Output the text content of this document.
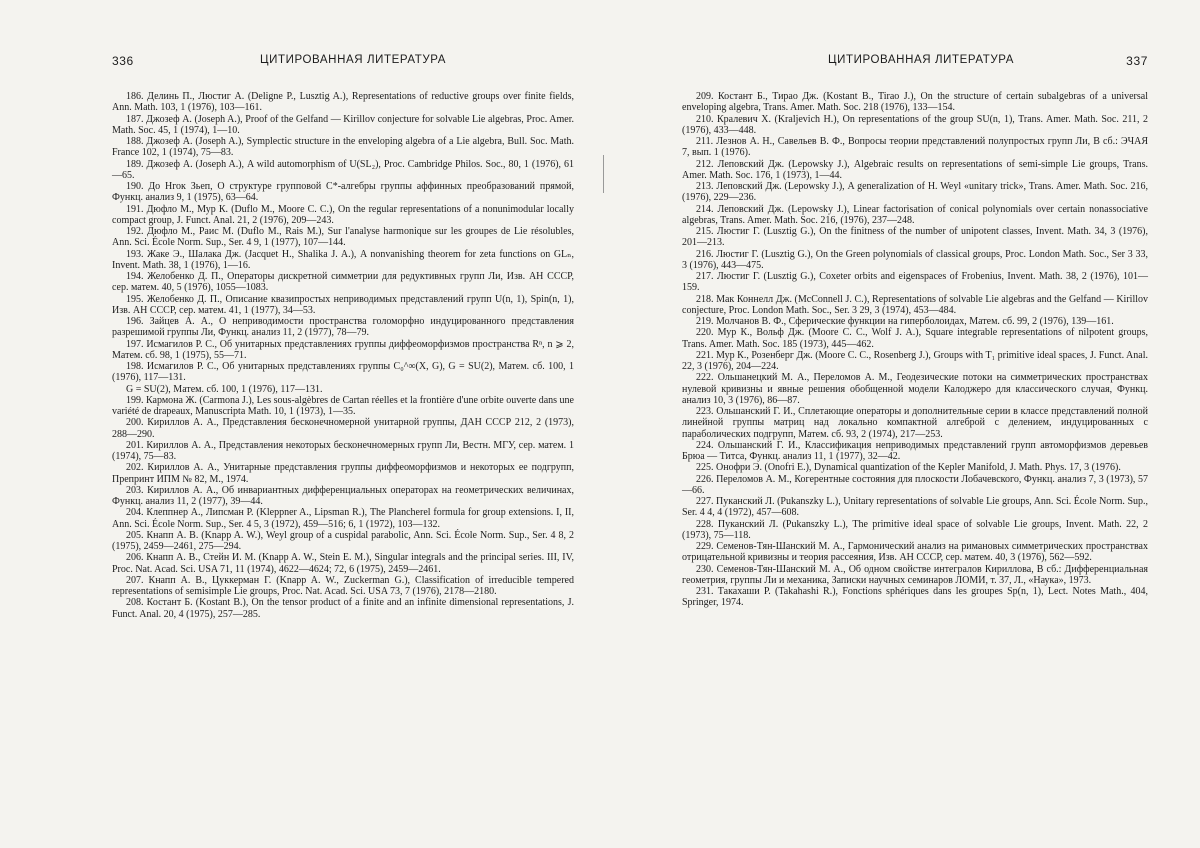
336	ЦИТИРОВАННАЯ ЛИТЕРАТУРА

186. Делинь П., Люстиг А. (Deligne P., Lusztig A.), Representations of reductive groups over finite fields, Ann. Math. 103, 1 (1976), 103—161.

187. Джозеф А. (Joseph A.), Proof of the Gelfand — Kirillov conjecture for solvable Lie algebras, Proc. Amer. Math. Soc. 45, 1 (1974), 1—10.

188. Джозеф А. (Joseph A.), Symplectic structure in the enveloping algebra of a Lie algebra, Bull. Soc. Math. France 102, 1 (1974), 75—83.

189. Джозеф А. (Joseph A.), A wild automorphism of U(SL₂), Proc. Cambridge Philos. Soc., 80, 1 (1976), 61—65.

190. До Нгок Зьеп, О структуре групповой C*-алгебры группы аффинных преобразований прямой, Функц. анализ 9, 1 (1975), 63—64.

191. Дюфло М., Мур К. (Duflo M., Moore C. C.), On the regular representations of a nonunimodular locally compact group, J. Funct. Anal. 21, 2 (1976), 209—243.

192. Дюфло М., Раис М. (Duflo M., Rais M.), Sur l'analyse harmonique sur les groupes de Lie résolubles, Ann. Sci. École Norm. Sup., Ser. 4 9, 1 (1977), 107—144.

193. Жаке Э., Шалака Дж. (Jacquet H., Shalika J. A.), A nonvanishing theorem for zeta functions on GLₙ, Invent. Math. 38, 1 (1976), 1—16.

194. Желобенко Д. П., Операторы дискретной симметрии для редуктивных групп Ли, Изв. АН СССР, сер. матем. 40, 5 (1976), 1055—1083.

195. Желобенко Д. П., Описание квазипростых неприводимых представлений групп U(n, 1), Spin(n, 1), Изв. АН СССР, сер. матем. 41, 1 (1977), 34—53.

196. Зайцев А. А., О неприводимости пространства голоморфно индуцированного представления разрешимой группы Ли, Функц. анализ 11, 2 (1977), 78—79.

197. Исмагилов Р. С., Об унитарных представлениях группы диффеоморфизмов пространства Rⁿ, n ⩾ 2, Матем. сб. 98, 1 (1975), 55—71.

198. Исмагилов Р. С., Об унитарных представлениях группы C₀^∞(X, G), G = SU(2), Матем. сб. 100, 1 (1976), 117—131.

G = SU(2), Матем. сб. 100, 1 (1976), 117—131.

199. Кармона Ж. (Carmona J.), Les sous-algèbres de Cartan réelles et la frontière d'une orbite ouverte dans une variété de drapeaux, Manuscripta Math. 10, 1 (1973), 1—35.

200. Кириллов А. А., Представления бесконечномерной унитарной группы, ДАН СССР 212, 2 (1973), 288—290.

201. Кириллов А. А., Представления некоторых бесконечномерных групп Ли, Вестн. МГУ, сер. матем. 1 (1974), 75—83.

202. Кириллов А. А., Унитарные представления группы диффеоморфизмов и некоторых ее подгрупп, Препринт ИПМ № 82, М., 1974.

203. Кириллов А. А., Об инвариантных дифференциальных операторах на геометрических величинах, Функц. анализ 11, 2 (1977), 39—44.

204. Клеппнер А., Липсман Р. (Kleppner A., Lipsman R.), The Plancherel formula for group extensions. I, II, Ann. Sci. École Norm. Sup., Ser. 4 5, 3 (1972), 459—516; 6, 1 (1972), 103—132.

205. Кнапп А. В. (Knapp A. W.), Weyl group of a cuspidal parabolic, Ann. Sci. École Norm. Sup., Ser. 4 8, 2 (1975), 2459—2461, 275—294.

206. Кнапп А. В., Стейн И. М. (Knapp A. W., Stein E. M.), Singular integrals and the principal series. III, IV, Proc. Nat. Acad. Sci. USA 71, 11 (1974), 4622—4624; 72, 6 (1975), 2459—2461.

207. Кнапп А. В., Цуккерман Г. (Knapp A. W., Zuckerman G.), Classification of irreducible tempered representations of semisimple Lie groups, Proc. Nat. Acad. Sci. USA 73, 7 (1976), 2178—2180.

208. Костант Б. (Kostant B.), On the tensor product of a finite and an infinite dimensional representations, J. Funct. Anal. 20, 4 (1975), 257—285.

ЦИТИРОВАННАЯ ЛИТЕРАТУРА	337

209. Костант Б., Тирао Дж. (Kostant B., Tirao J.), On the structure of certain subalgebras of a universal enveloping algebra, Trans. Amer. Math. Soc. 218 (1976), 133—154.

210. Кралевич Х. (Kraljevich H.), On representations of the group SU(n, 1), Trans. Amer. Math. Soc. 211, 2 (1976), 433—448.

211. Лезнов А. Н., Савельев В. Ф., Вопросы теории представлений полупростых групп Ли, В сб.: ЭЧАЯ 7, вып. 1 (1976).

212. Леповский Дж. (Lepowsky J.), Algebraic results on representations of semi-simple Lie groups, Trans. Amer. Math. Soc. 176, 1 (1973), 1—44.

213. Леповский Дж. (Lepowsky J.), A generalization of H. Weyl «unitary trick», Trans. Amer. Math. Soc. 216, (1976), 229—236.

214. Леповский Дж. (Lepowsky J.), Linear factorisation of conical polynomials over certain nonassociative algebras, Trans. Amer. Math. Soc. 216, (1976), 237—248.

215. Люстиг Г. (Lusztig G.), On the finitness of the number of unipotent classes, Invent. Math. 34, 3 (1976), 201—213.

216. Люстиг Г. (Lusztig G.), On the Green polynomials of classical groups, Proc. London Math. Soc., Ser 3 33, 3 (1976), 443—475.

217. Люстиг Г. (Lusztig G.), Coxeter orbits and eigenspaces of Frobenius, Invent. Math. 38, 2 (1976), 101—159.

218. Мак Коннелл Дж. (McConnell J. C.), Representations of solvable Lie algebras and the Gelfand — Kirillov conjecture, Proc. London Math. Soc., Ser. 3 29, 3 (1974), 453—484.

219. Молчанов В. Ф., Сферические функции на гиперболоидах, Матем. сб. 99, 2 (1976), 139—161.

220. Мур К., Вольф Дж. (Moore C. C., Wolf J. A.), Square integrable representations of nilpotent groups, Trans. Amer. Math. Soc. 185 (1973), 445—462.

221. Мур К., Розенберг Дж. (Moore C. C., Rosenberg J.), Groups with T₁ primitive ideal spaces, J. Funct. Anal. 22, 3 (1976), 204—224.

222. Ольшанецкий М. А., Переломов А. М., Геодезические потоки на симметрических пространствах нулевой кривизны и явные решения обобщенной модели Калоджеро для классического случая, Функц. анализ 10, 3 (1976), 86—87.

223. Ольшанский Г. И., Сплетающие операторы и дополнительные серии в классе представлений полной линейной группы матриц над локально компактной алгеброй с делением, индуцированных с параболических подгрупп, Матем. сб. 93, 2 (1974), 217—253.

224. Ольшанский Г. И., Классификация неприводимых представлений групп автоморфизмов деревьев Брюа — Титса, Функц. анализ 11, 1 (1977), 32—42.

225. Онофри Э. (Onofri E.), Dynamical quantization of the Kepler Manifold, J. Math. Phys. 17, 3 (1976).

226. Переломов А. М., Когерентные состояния для плоскости Лобачевского, Функц. анализ 7, 3 (1973), 57—66.

227. Пуканский Л. (Pukanszky L.), Unitary representations of solvable Lie groups, Ann. Sci. École Norm. Sup., Ser. 4 4, 4 (1972), 457—608.

228. Пуканский Л. (Pukanszky L.), The primitive ideal space of solvable Lie groups, Invent. Math. 22, 2 (1973), 75—118.

229. Семенов-Тян-Шанский М. А., Гармонический анализ на римановых симметрических пространствах отрицательной кривизны и теория рассеяния, Изв. АН СССР, сер. матем. 40, 3 (1976), 562—592.

230. Семенов-Тян-Шанский М. А., Об одном свойстве интегралов Кириллова, В сб.: Дифференциальная геометрия, группы Ли и механика, Записки научных семинаров ЛОМИ, т. 37, Л., «Наука», 1973.

231. Такахаши Р. (Takahashi R.), Fonctions sphériques dans les groupes Sp(n, 1), Lect. Notes Math., 404, Springer, 1974.
